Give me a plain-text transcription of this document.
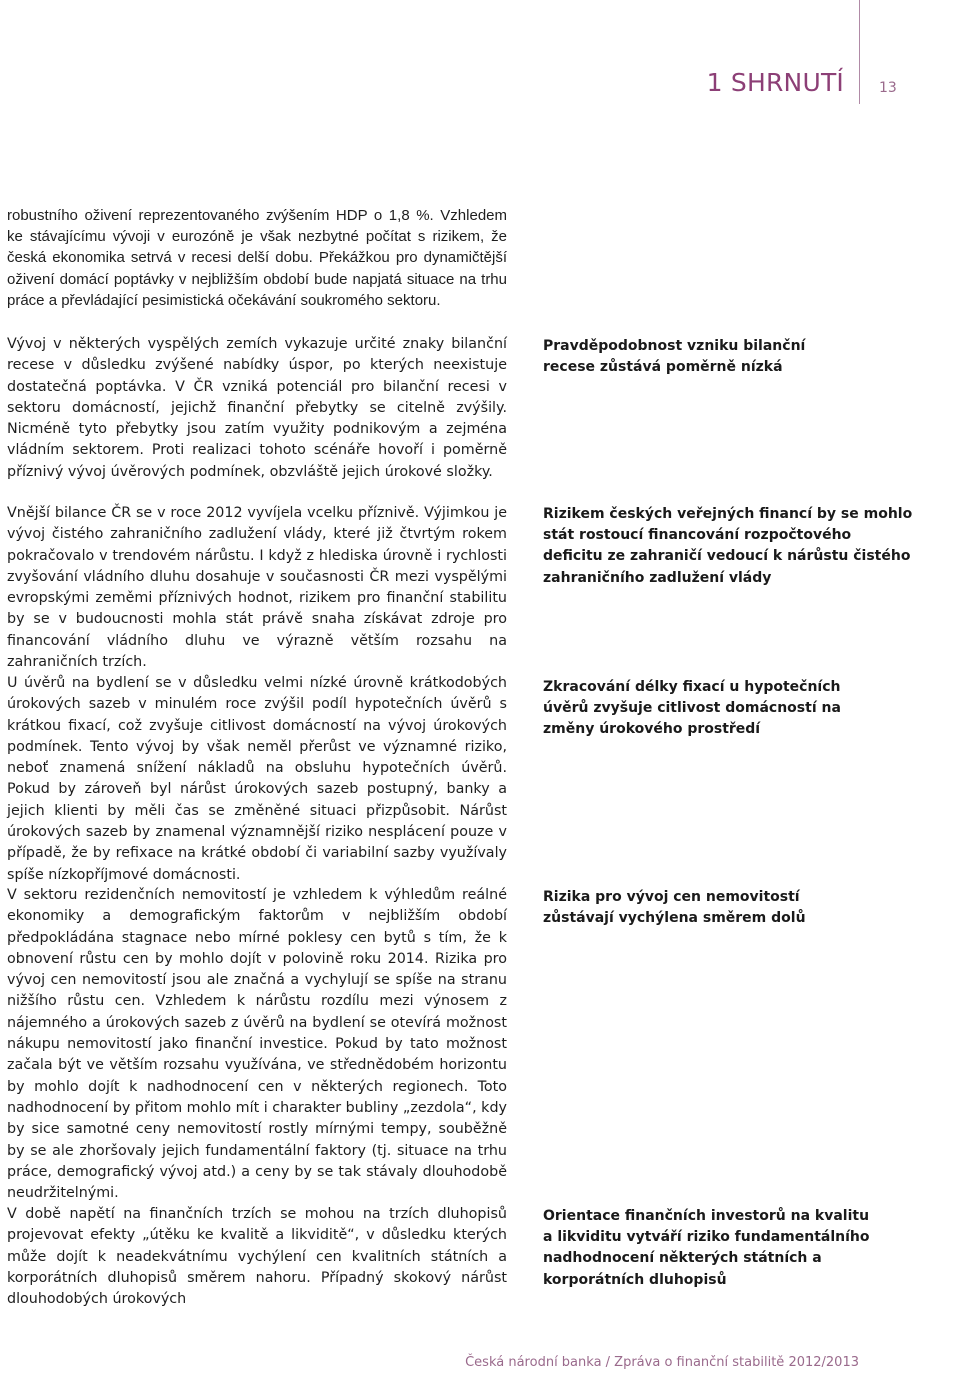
1 SHRNUTÍ	13

robustního oživení reprezentovaného zvýšením HDP o 1,8 %. Vzhledem ke stávajícímu vývoji v eurozóně je však nezbytné počítat s rizikem, že česká ekonomika setrvá v recesi delší dobu. Překážkou pro dynamičtější oživení domácí poptávky v nejbližším období bude napjatá situace na trhu práce a převládající pesimistická očekávání soukromého sektoru.

Vývoj v některých vyspělých zemích vykazuje určité znaky bilanční recese v důsledku zvýšené nabídky úspor, po kterých neexistuje dostatečná poptávka. V ČR vzniká potenciál pro bilanční recesi v sektoru domácností, jejichž finanční přebytky se citelně zvýšily. Nicméně tyto přebytky jsou zatím využity podnikovým a zejména vládním sektorem. Proti realizaci tohoto scénáře hovoří i poměrně příznivý vývoj úvěrových podmínek, obzvláště jejich úrokové složky.

Vnější bilance ČR se v roce 2012 vyvíjela vcelku příznivě. Výjimkou je vývoj čistého zahraničního zadlužení vlády, které již čtvrtým rokem pokračovalo v trendovém nárůstu. I když z hlediska úrovně i rychlosti zvyšování vládního dluhu dosahuje v současnosti ČR mezi vyspělými evropskými zeměmi příznivých hodnot, rizikem pro finanční stabilitu by se v budoucnosti mohla stát právě snaha získávat zdroje pro financování vládního dluhu ve výrazně větším rozsahu na zahraničních trzích.

U úvěrů na bydlení se v důsledku velmi nízké úrovně krátkodobých úrokových sazeb v minulém roce zvýšil podíl hypotečních úvěrů s krátkou fixací, což zvyšuje citlivost domácností na vývoj úrokových podmínek. Tento vývoj by však neměl přerůst ve významné riziko, neboť znamená snížení nákladů na obsluhu hypotečních úvěrů. Pokud by zároveň byl nárůst úrokových sazeb postupný, banky a jejich klienti by měli čas se změněné situaci přizpůsobit. Nárůst úrokových sazeb by znamenal významnější riziko nesplácení pouze v případě, že by refixace na krátké období či variabilní sazby využívaly spíše nízkopříjmové domácnosti.

V sektoru rezidenčních nemovitostí je vzhledem k výhledům reálné ekonomiky a demografickým faktorům v nejbližším období předpokládána stagnace nebo mírné poklesy cen bytů s tím, že k obnovení růstu cen by mohlo dojít v polovině roku 2014. Rizika pro vývoj cen nemovitostí jsou ale značná a vychylují se spíše na stranu nižšího růstu cen. Vzhledem k nárůstu rozdílu mezi výnosem z nájemného a úrokových sazeb z úvěrů na bydlení se otevírá možnost nákupu nemovitostí jako finanční investice. Pokud by tato možnost začala být ve větším rozsahu využívána, ve střednědobém horizontu by mohlo dojít k nadhodnocení cen v některých regionech. Toto nadhodnocení by přitom mohlo mít i charakter bubliny „zezdola“, kdy by sice samotné ceny nemovitostí rostly mírnými tempy, souběžně by se ale zhoršovaly jejich fundamentální faktory (tj. situace na trhu práce, demografický vývoj atd.) a ceny by se tak stávaly dlouhodobě neudržitelnými.

V době napětí na finančních trzích se mohou na trzích dluhopisů projevovat efekty „útěku ke kvalitě a likviditě“, v důsledku kterých může dojít k neadekvátnímu vychýlení cen kvalitních státních a korporátních dluhopisů směrem nahoru. Případný skokový nárůst dlouhodobých úrokových

Pravděpodobnost vzniku bilanční recese zůstává poměrně nízká

Rizikem českých veřejných financí by se mohlo stát rostoucí financování rozpočtového deficitu ze zahraničí vedoucí k nárůstu čistého zahraničního zadlužení vlády

Zkracování délky fixací u hypotečních úvěrů zvyšuje citlivost domácností na změny úrokového prostředí

Rizika pro vývoj cen nemovitostí zůstávají vychýlena směrem dolů

Orientace finančních investorů na kvalitu a likviditu vytváří riziko fundamentálního nadhodnocení některých státních a korporátních dluhopisů

Česká národní banka / Zpráva o finanční stabilitě 2012/2013
